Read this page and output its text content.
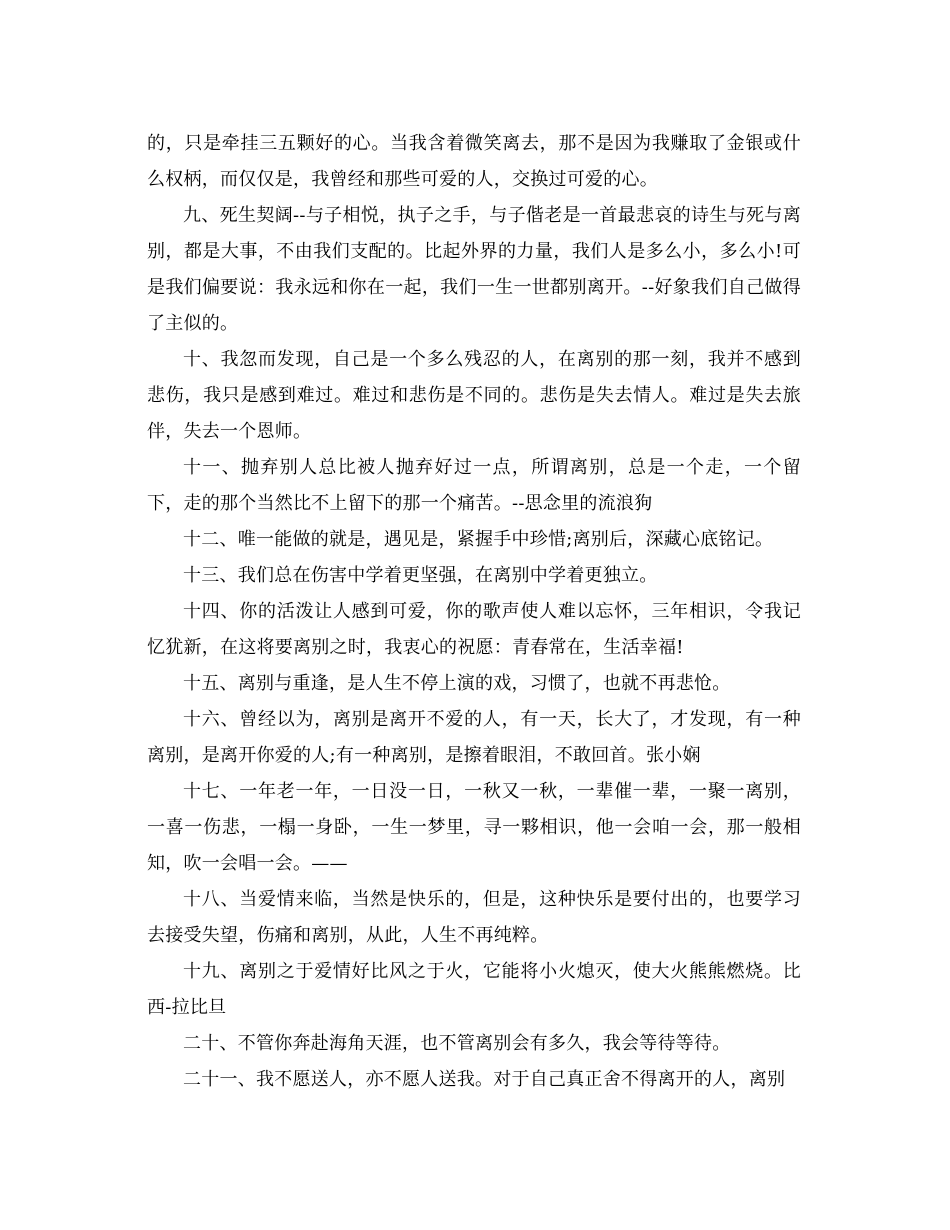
的，只是牵挂三五颗好的心。当我含着微笑离去，那不是因为我赚取了金银或什么权柄，而仅仅是，我曾经和那些可爱的人，交换过可爱的心。

九、死生契阔--与子相悦，执子之手，与子偕老是一首最悲哀的诗生与死与离别，都是大事，不由我们支配的。比起外界的力量，我们人是多么小，多么小!可是我们偏要说：我永远和你在一起，我们一生一世都别离开。--好象我们自己做得了主似的。

十、我忽而发现，自己是一个多么残忍的人，在离别的那一刻，我并不感到悲伤，我只是感到难过。难过和悲伤是不同的。悲伤是失去情人。难过是失去旅伴，失去一个恩师。

十一、抛弃别人总比被人抛弃好过一点，所谓离别，总是一个走，一个留下，走的那个当然比不上留下的那一个痛苦。--思念里的流浪狗

十二、唯一能做的就是，遇见是，紧握手中珍惜;离别后，深藏心底铭记。

十三、我们总在伤害中学着更坚强，在离别中学着更独立。

十四、你的活泼让人感到可爱，你的歌声使人难以忘怀，三年相识，令我记忆犹新，在这将要离别之时，我衷心的祝愿：青春常在，生活幸福!

十五、离别与重逢，是人生不停上演的戏，习惯了，也就不再悲怆。

十六、曾经以为，离别是离开不爱的人，有一天，长大了，才发现，有一种离别，是离开你爱的人;有一种离别，是擦着眼泪，不敢回首。张小娴

十七、一年老一年，一日没一日，一秋又一秋，一辈催一辈，一聚一离别，一喜一伤悲，一榻一身卧，一生一梦里，寻一夥相识，他一会咱一会，那一般相知，吹一会唱一会。——

十八、当爱情来临，当然是快乐的，但是，这种快乐是要付出的，也要学习去接受失望，伤痛和离别，从此，人生不再纯粹。

十九、离别之于爱情好比风之于火，它能将小火熄灭，使大火熊熊燃烧。比西-拉比旦

二十、不管你奔赴海角天涯，也不管离别会有多久，我会等待等待。

二十一、我不愿送人，亦不愿人送我。对于自己真正舍不得离开的人，离别
